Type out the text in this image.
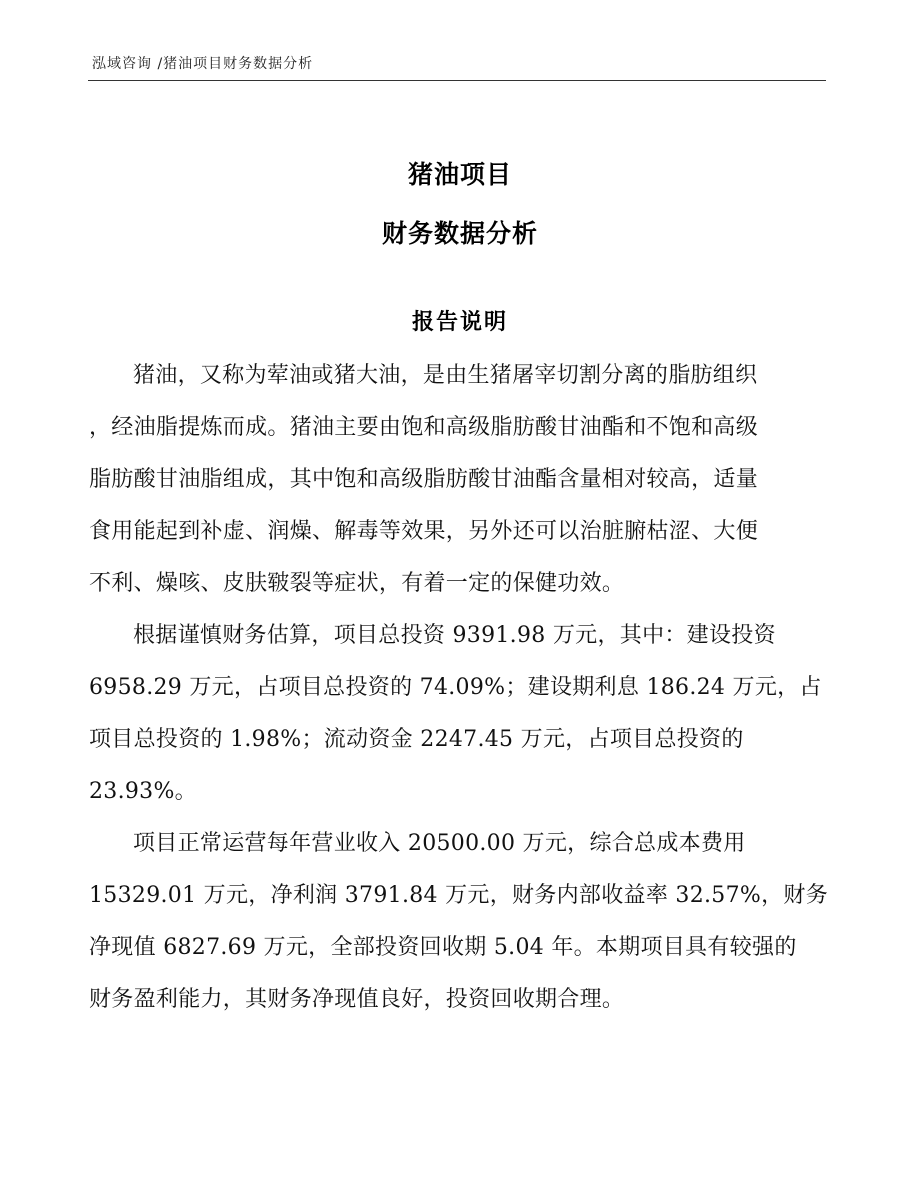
泓域咨询 /猪油项目财务数据分析
猪油项目
财务数据分析
报告说明
猪油，又称为荤油或猪大油，是由生猪屠宰切割分离的脂肪组织
，经油脂提炼而成。猪油主要由饱和高级脂肪酸甘油酯和不饱和高级
脂肪酸甘油脂组成，其中饱和高级脂肪酸甘油酯含量相对较高，适量
食用能起到补虚、润燥、解毒等效果，另外还可以治脏腑枯涩、大便
不利、燥咳、皮肤皲裂等症状，有着一定的保健功效。
根据谨慎财务估算，项目总投资 9391.98 万元，其中：建设投资
6958.29 万元，占项目总投资的 74.09%；建设期利息 186.24 万元，占
项目总投资的 1.98%；流动资金 2247.45 万元，占项目总投资的
23.93%。
项目正常运营每年营业收入 20500.00 万元，综合总成本费用
15329.01 万元，净利润 3791.84 万元，财务内部收益率 32.57%，财务
净现值 6827.69 万元，全部投资回收期 5.04 年。本期项目具有较强的
财务盈利能力，其财务净现值良好，投资回收期合理。
